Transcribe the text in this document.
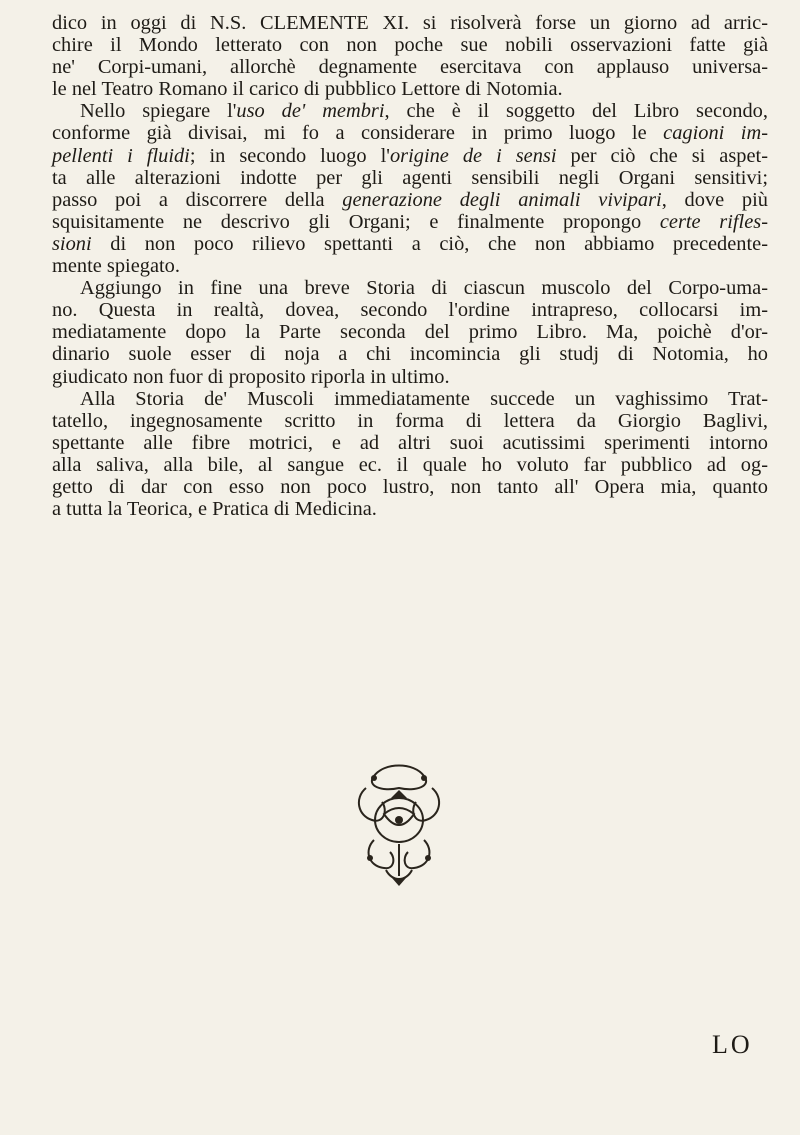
dico in oggi di N.S. CLEMENTE XI. si risolverà forse un giorno ad arric-
chire il Mondo letterato con non poche sue nobili osservazioni fatte già
ne' Corpi-umani, allorchè degnamente esercitava con applauso universa-
le nel Teatro Romano il carico di pubblico Lettore di Notomia.

Nello spiegare l'uso de' membri, che è il soggetto del Libro secondo,
conforme già divisai, mi fo a considerare in primo luogo le cagioni im-
pellenti i fluidi; in secondo luogo l'origine de i sensi per ciò che si aspet-
ta alle alterazioni indotte per gli agenti sensibili negli Organi sensitivi;
passo poi a discorrere della generazione degli animali vivipari, dove più
squisitamente ne descrivo gli Organi; e finalmente propongo certe rifles-
sioni di non poco rilievo spettanti a ciò, che non abbiamo precedente-
mente spiegato.

Aggiungo in fine una breve Storia di ciascun muscolo del Corpo-uma-
no. Questa in realtà, dovea, secondo l'ordine intrapreso, collocarsi im-
mediatamente dopo la Parte seconda del primo Libro. Ma, poichè d'or-
dinario suole esser di noja a chi incomincia gli studj di Notomia, ho
giudicato non fuor di proposito riporla in ultimo.

Alla Storia de' Muscoli immediatamente succede un vaghissimo Trat-
tatello, ingegnosamente scritto in forma di lettera da Giorgio Baglivi,
spettante alle fibre motrici, e ad altri suoi acutissimi sperimenti intorno
alla saliva, alla bile, al sangue ec. il quale ho voluto far pubblico ad og-
getto di dar con esso non poco lustro, non tanto all' Opera mia, quanto
a tutta la Teorica, e Pratica di Medicina.

LO
